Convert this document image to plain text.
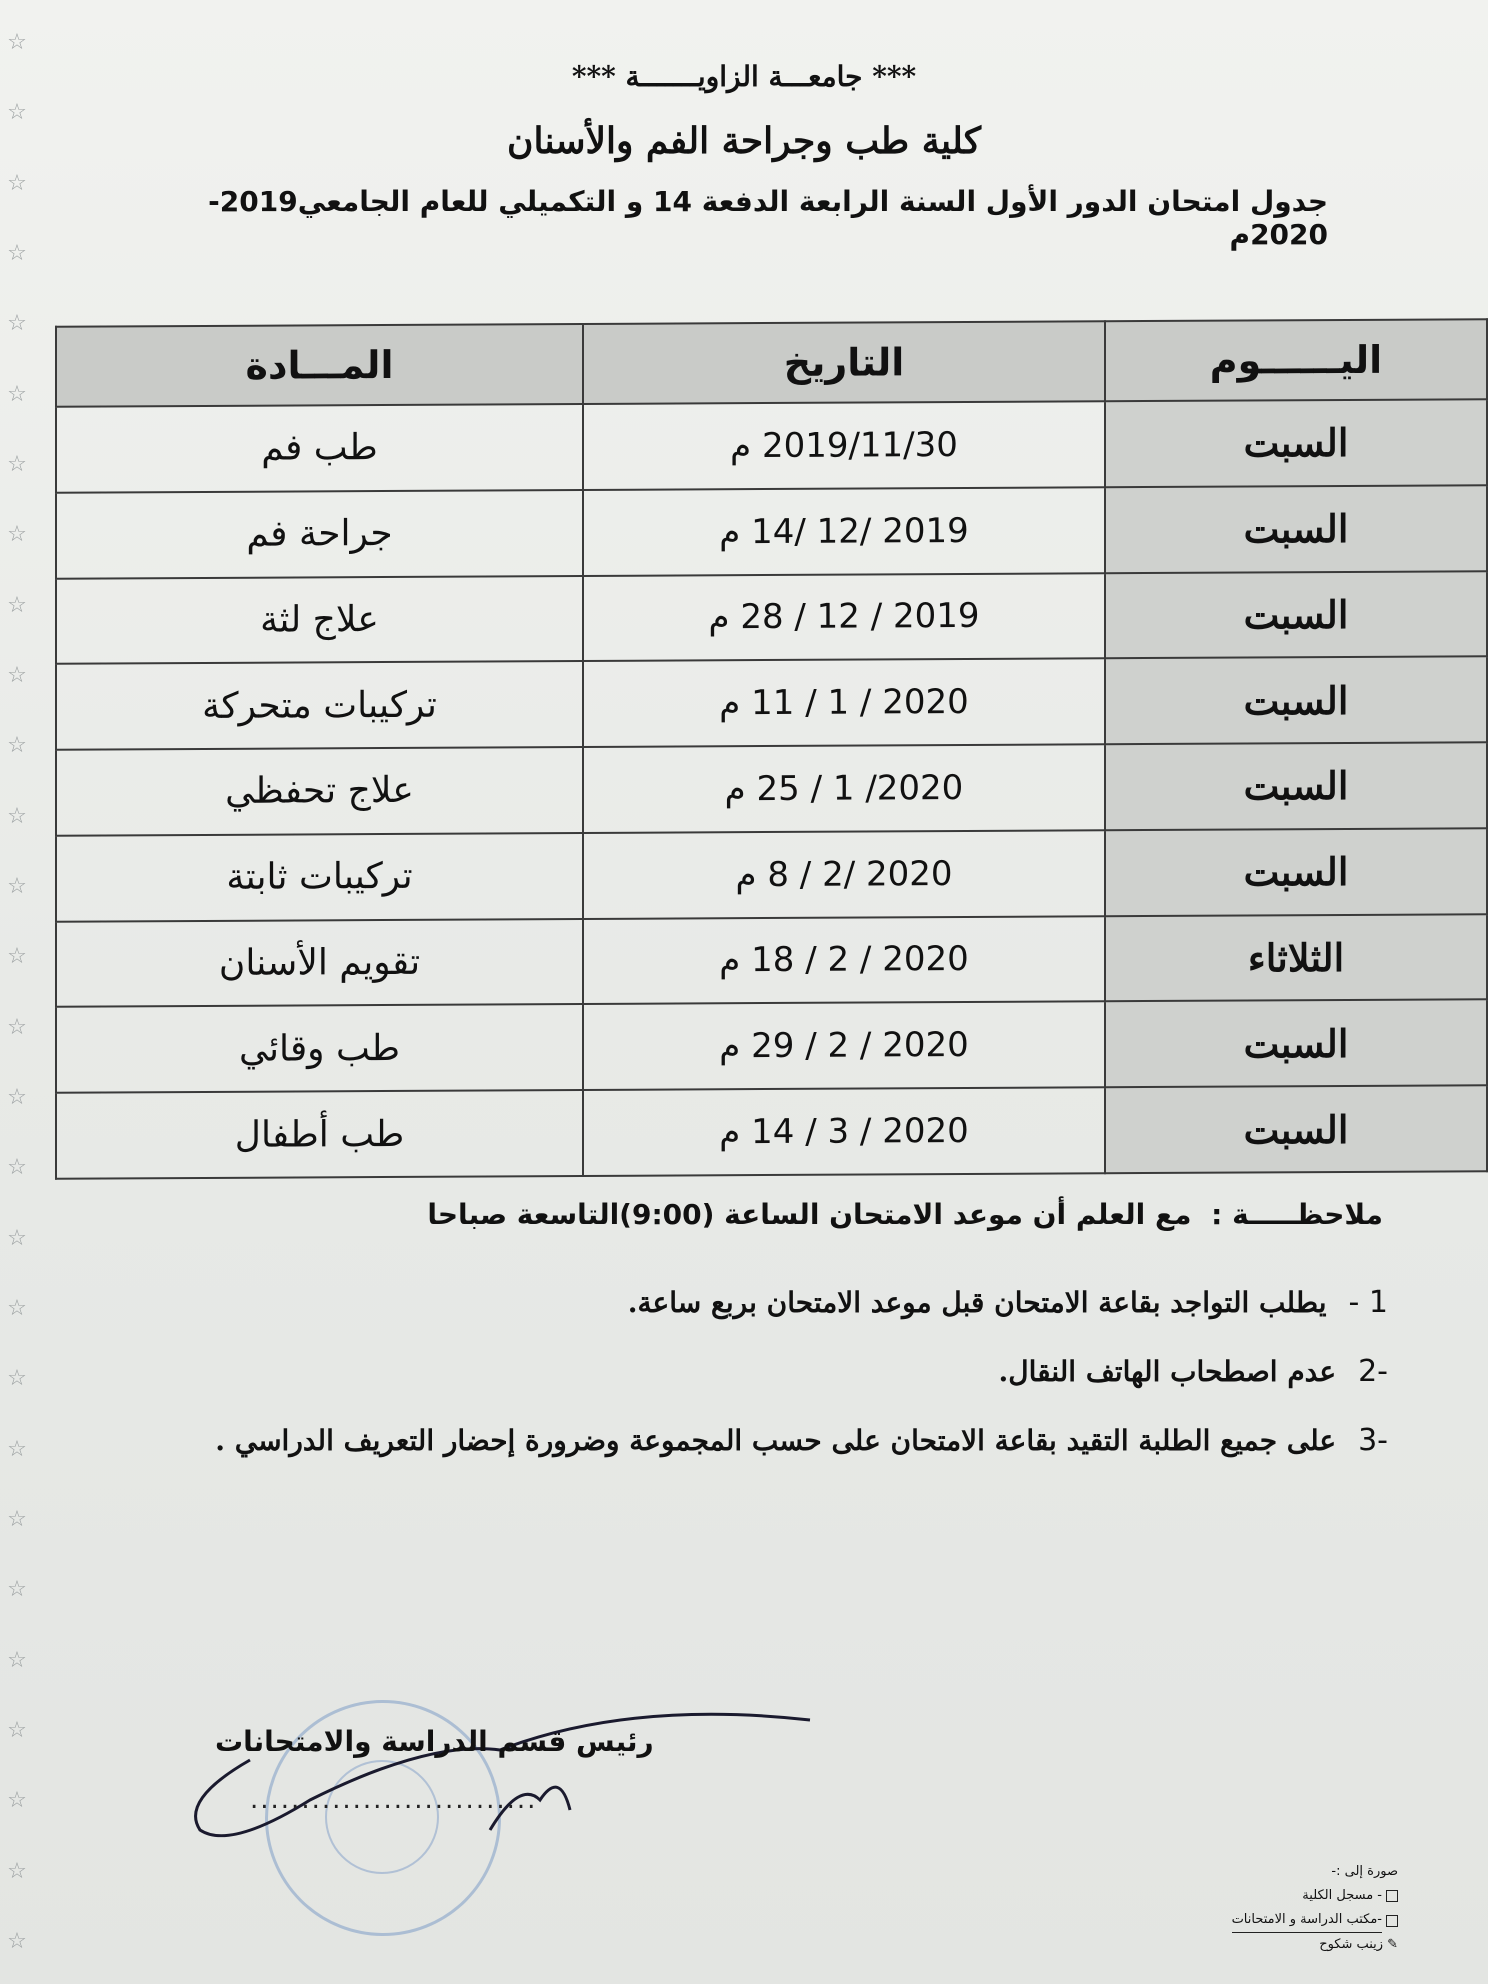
☆
☆
☆
☆
☆
☆
☆
☆
☆
☆
☆
☆
☆
☆
☆
☆
☆
☆
☆
☆
☆
☆
☆
☆
☆
☆
☆
☆
*** جامعـــة الزاويـــــــة ***
كلية طب وجراحة الفم والأسنان
جدول امتحان الدور الأول السنة الرابعة الدفعة 14 و التكميلي للعام الجامعي2019-2020م
اليــــــوم	التاريخ	المـــادة
السبت	2019/11/30 م	طب فم
السبت	2019 /12 /14 م	جراحة فم
السبت	2019 / 12 / 28 م	علاج لثة
السبت	2020 / 1 / 11 م	تركيبات متحركة
السبت	2020/ 1 / 25 م	علاج تحفظي
السبت	2020 /2 / 8 م	تركيبات ثابتة
الثلاثاء	2020 / 2 / 18 م	تقويم الأسنان
السبت	2020 / 2 / 29 م	طب وقائي
السبت	2020 / 3 / 14 م	طب أطفال
ملاحظـــــة : مع العلم أن موعد الامتحان الساعة (9:00)التاسعة صباحا
1 -
يطلب التواجد بقاعة الامتحان قبل موعد الامتحان بربع ساعة.
-2
عدم اصطحاب الهاتف النقال.
-3
على جميع الطلبة التقيد بقاعة الامتحان على حسب المجموعة وضرورة إحضار التعريف الدراسي .
رئيس قسم الدراسة والامتحانات
............................
صورة إلى :-
- مسجل الكلية
-مكتب الدراسة و الامتحانات
✎
زينب شكوح
